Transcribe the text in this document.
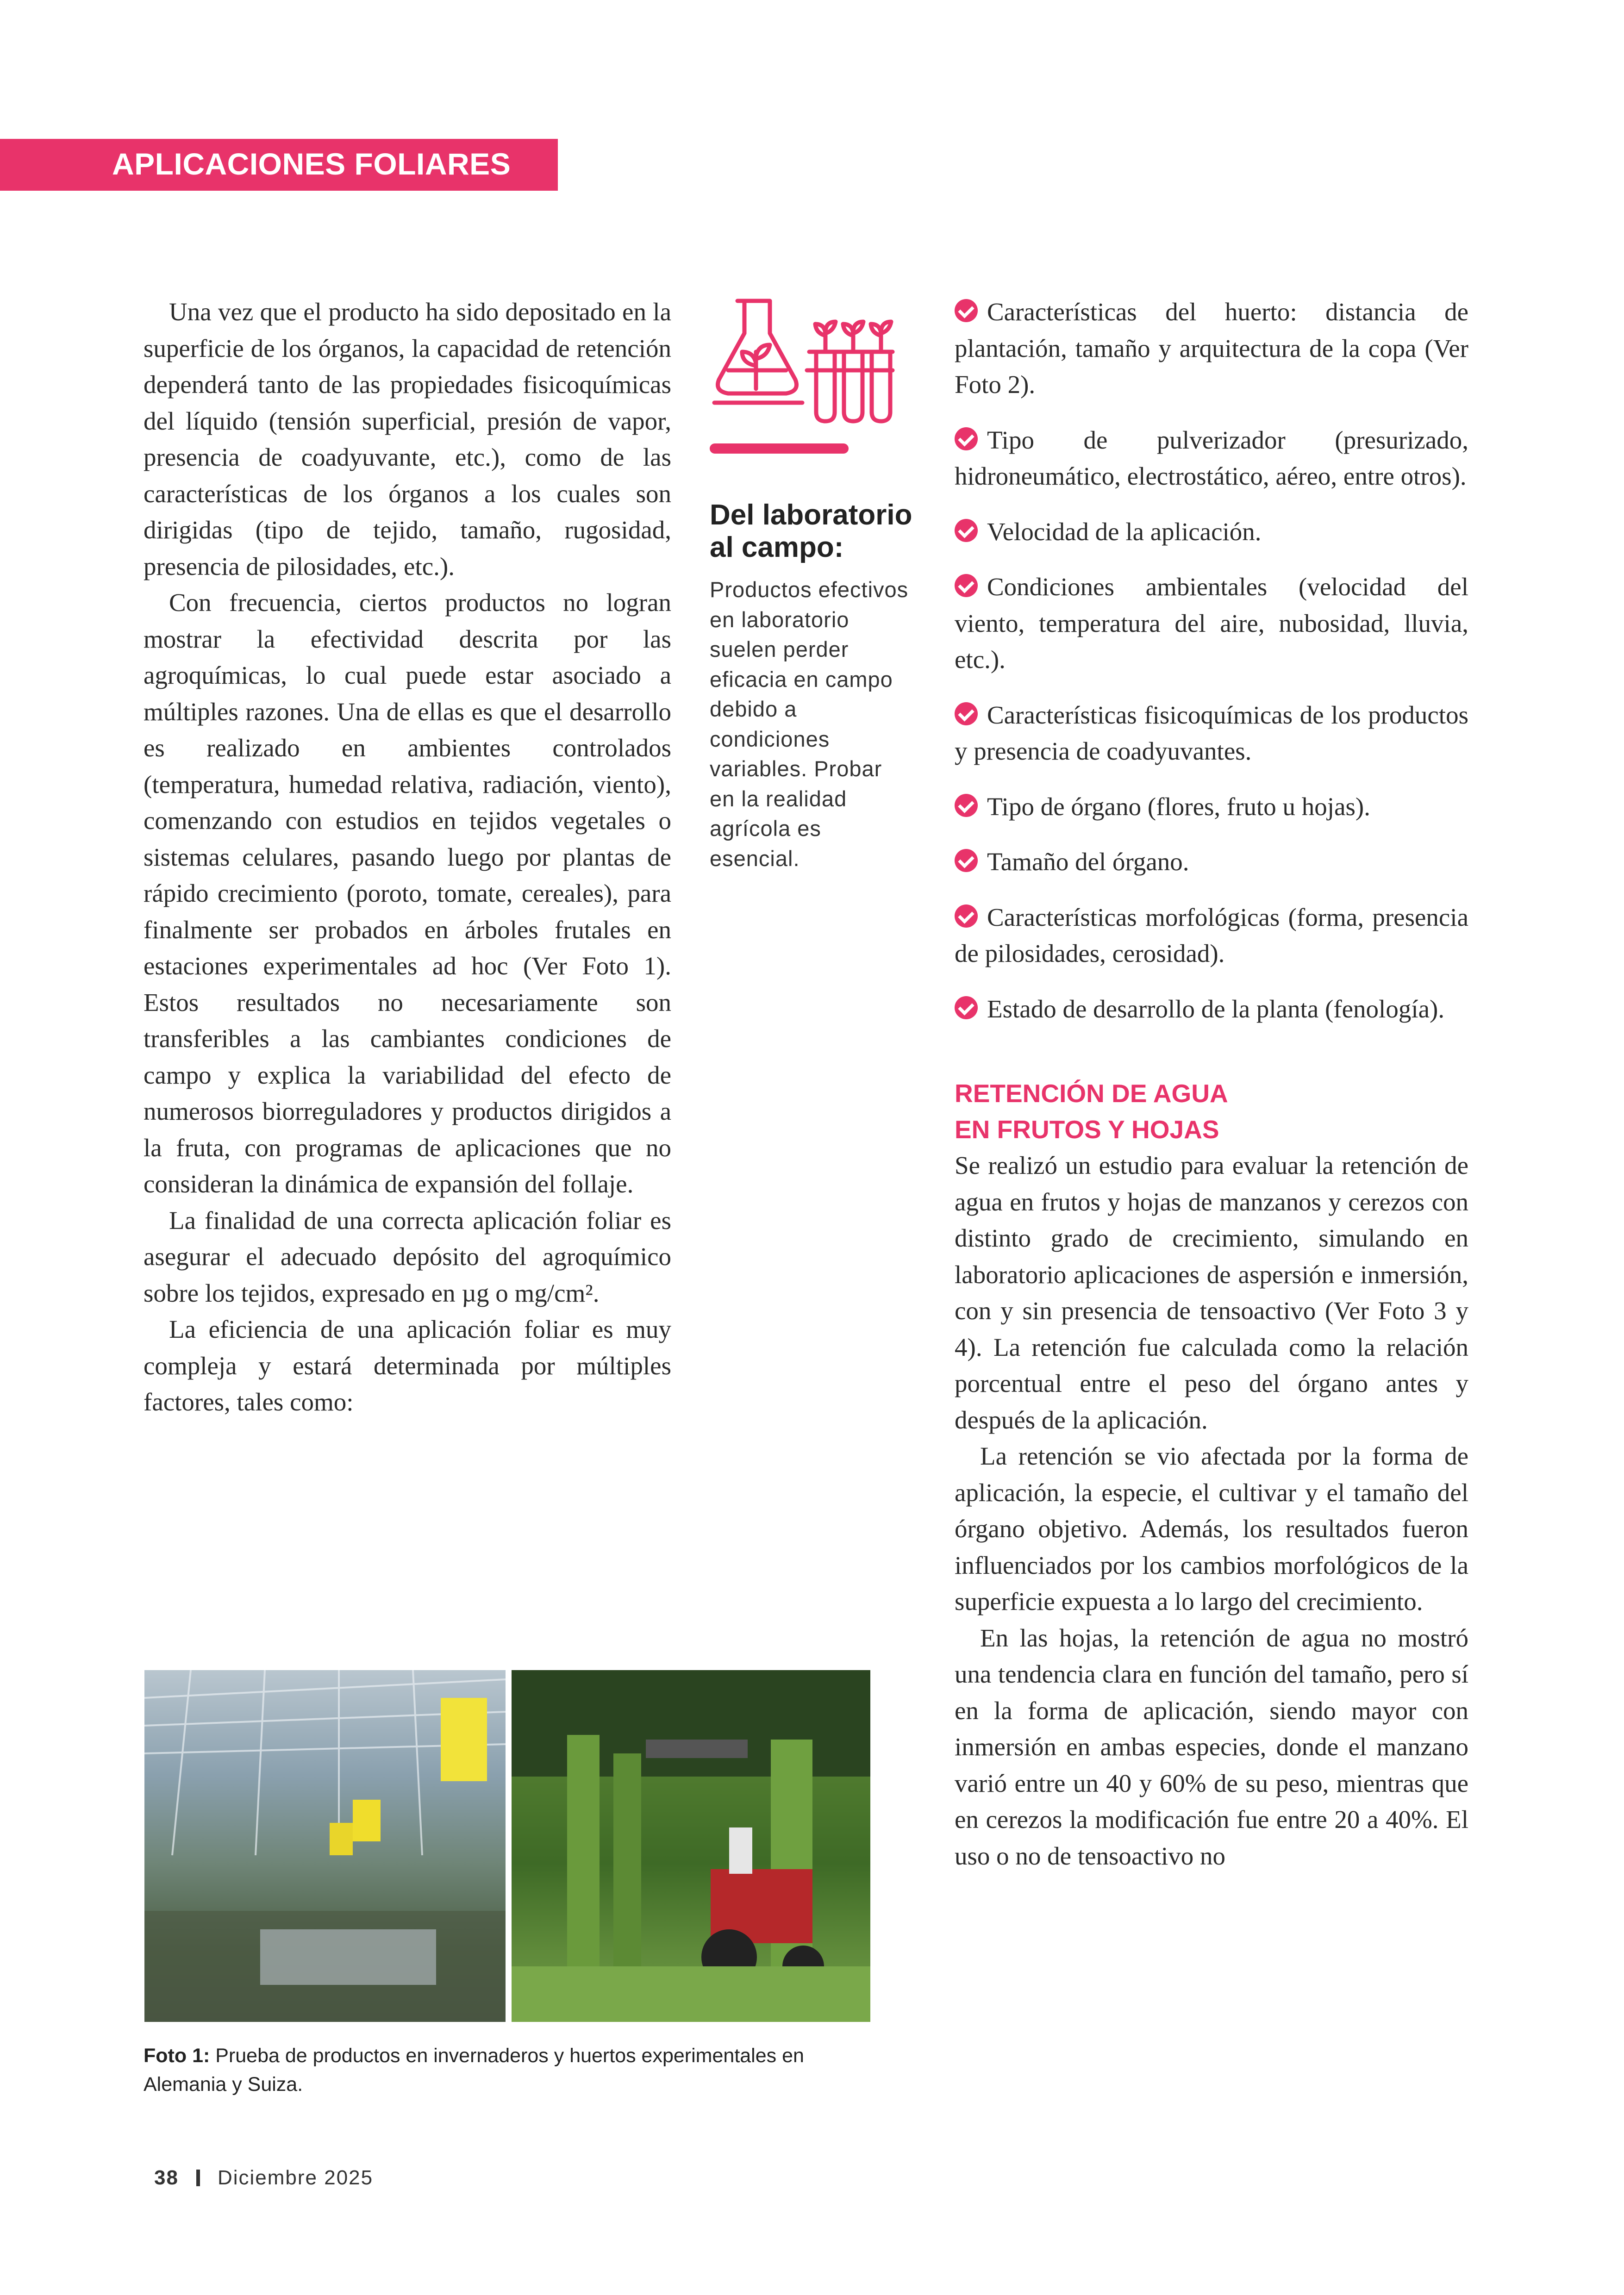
APLICACIONES FOLIARES

Una vez que el producto ha sido depositado en la superficie de los órganos, la capacidad de retención dependerá tanto de las propiedades fisicoquímicas del líquido (tensión superficial, presión de vapor, presencia de coadyuvante, etc.), como de las características de los órganos a los cuales son dirigidas (tipo de tejido, tamaño, rugosidad, presencia de pilosidades, etc.).

Con frecuencia, ciertos productos no logran mostrar la efectividad descrita por las agroquímicas, lo cual puede estar asociado a múltiples razones. Una de ellas es que el desarrollo es realizado en ambientes controlados (temperatura, humedad relativa, radiación, viento), comenzando con estudios en tejidos vegetales o sistemas celulares, pasando luego por plantas de rápido crecimiento (poroto, tomate, cereales), para finalmente ser probados en árboles frutales en estaciones experimentales ad hoc (Ver Foto 1). Estos resultados no necesariamente son transferibles a las cambiantes condiciones de campo y explica la variabilidad del efecto de numerosos biorreguladores y productos dirigidos a la fruta, con programas de aplicaciones que no consideran la dinámica de expansión del follaje.

La finalidad de una correcta aplicación foliar es asegurar el adecuado depósito del agroquímico sobre los tejidos, expresado en µg o mg/cm².

La eficiencia de una aplicación foliar es muy compleja y estará determinada por múltiples factores, tales como:

Del laboratorio al campo:
Productos efectivos en laboratorio suelen perder eficacia en campo debido a condiciones variables. Probar en la realidad agrícola es esencial.
Características del huerto: distancia de plantación, tamaño y arquitectura de la copa (Ver Foto 2).
Tipo de pulverizador (presurizado, hidroneumático, electrostático, aéreo, entre otros).
Velocidad de la aplicación.
Condiciones ambientales (velocidad del viento, temperatura del aire, nubosidad, lluvia, etc.).
Características fisicoquímicas de los productos y presencia de coadyuvantes.
Tipo de órgano (flores, fruto u hojas).
Tamaño del órgano.
Características morfológicas (forma, presencia de pilosidades, cerosidad).
Estado de desarrollo de la planta (fenología).
RETENCIÓN DE AGUA
EN FRUTOS Y HOJAS

Se realizó un estudio para evaluar la retención de agua en frutos y hojas de manzanos y cerezos con distinto grado de crecimiento, simulando en laboratorio aplicaciones de aspersión e inmersión, con y sin presencia de tensoactivo (Ver Foto 3 y 4). La retención fue calculada como la relación porcentual entre el peso del órgano antes y después de la aplicación.

La retención se vio afectada por la forma de aplicación, la especie, el cultivar y el tamaño del órgano objetivo. Además, los resultados fueron influenciados por los cambios morfológicos de la superficie expuesta a lo largo del crecimiento.

En las hojas, la retención de agua no mostró una tendencia clara en función del tamaño, pero sí en la forma de aplicación, siendo mayor con inmersión en ambas especies, donde el manzano varió entre un 40 y 60% de su peso, mientras que en cerezos la modificación fue entre 20 a 40%. El uso o no de tensoactivo no

Foto 1: Prueba de productos en invernaderos y huertos experimentales en Alemania y Suiza.
38 Diciembre 2025
